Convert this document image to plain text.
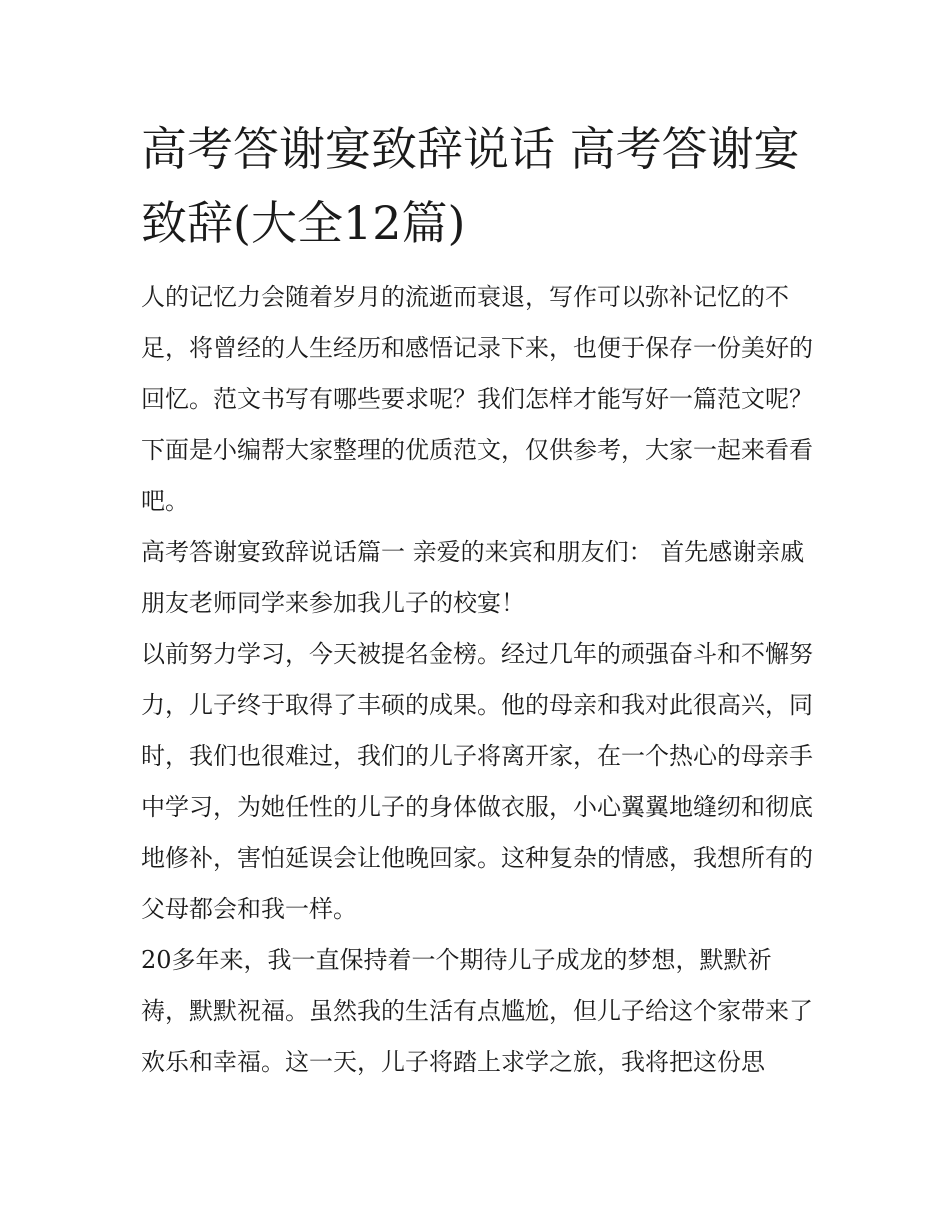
高考答谢宴致辞说话 高考答谢宴致辞(大全12篇)

人的记忆力会随着岁月的流逝而衰退，写作可以弥补记忆的不足，将曾经的人生经历和感悟记录下来，也便于保存一份美好的回忆。范文书写有哪些要求呢？我们怎样才能写好一篇范文呢？下面是小编帮大家整理的优质范文，仅供参考，大家一起来看看吧。

高考答谢宴致辞说话篇一 亲爱的来宾和朋友们： 首先感谢亲戚朋友老师同学来参加我儿子的校宴！

以前努力学习，今天被提名金榜。经过几年的顽强奋斗和不懈努力，儿子终于取得了丰硕的成果。他的母亲和我对此很高兴，同时，我们也很难过，我们的儿子将离开家，在一个热心的母亲手中学习，为她任性的儿子的身体做衣服，小心翼翼地缝纫和彻底地修补，害怕延误会让他晚回家。这种复杂的情感，我想所有的父母都会和我一样。

20多年来，我一直保持着一个期待儿子成龙的梦想，默默祈祷，默默祝福。虽然我的生活有点尴尬，但儿子给这个家带来了欢乐和幸福。这一天，儿子将踏上求学之旅，我将把这份思
